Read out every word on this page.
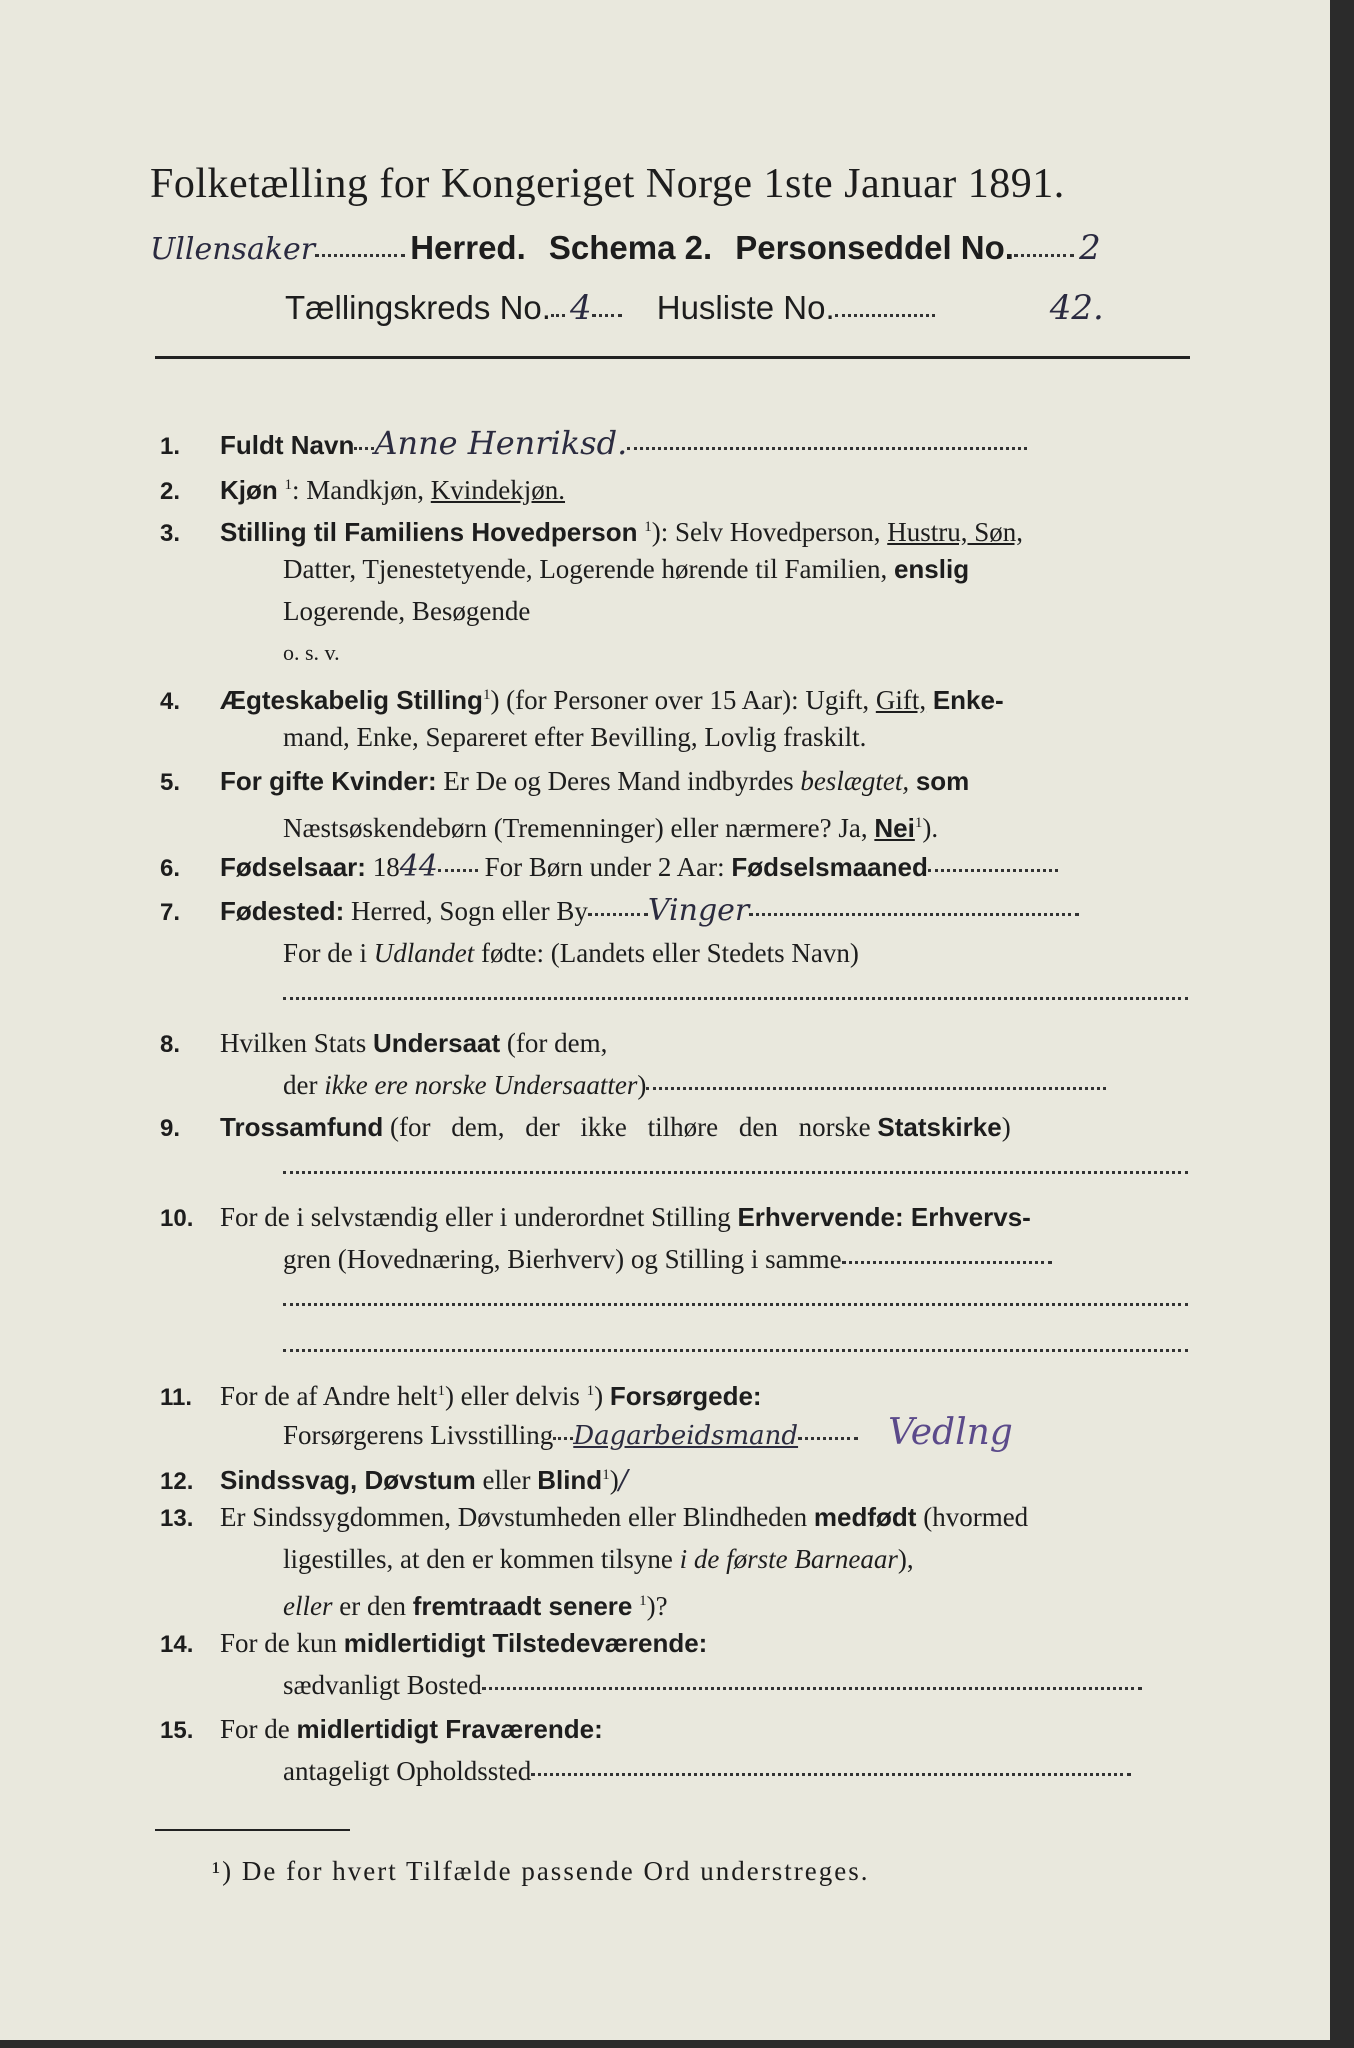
Folketælling for Kongeriget Norge 1ste Januar 1891.
Ullensaker	Herred. Schema 2. Personseddel No. 2
Tællingskreds No. 4 Husliste No.	42.
1. Fuldt Navn Anne Henriksd.
2. Kjøn $^1$: Mandkjøn, Kvindekjøn.
3. Stilling til Familiens Hovedperson $^1$): Selv Hovedperson, Hustru, Søn,
Datter, Tjenestetyende, Logerende hørende til Familien, enslig
Logerende, Besøgende
o. s. v.
4. Ægteskabelig Stilling$^1$) (for Personer over 15 Aar): Ugift, Gift, Enke-
mand, Enke, Separeret efter Bevilling, Lovlig fraskilt.
5. For gifte Kvinder: Er De og Deres Mand indbyrdes beslægtet, som
Næstsøskendebørn (Tremenninger) eller nærmere? Ja, Nei$^1$).
6. Fødselsaar: 1844 For Børn under 2 Aar: Fødselsmaaned
7. Fødested: Herred, Sogn eller By Vinger
For de i Udlandet fødte: (Landets eller Stedets Navn)
8. Hvilken Stats Undersaat (for dem,
der ikke ere norske Undersaatter)
9. Trossamfund (for dem, der ikke tilhøre den norske Statskirke)
10. For de i selvstændig eller i underordnet Stilling Erhvervende: Erhvervs-
gren (Hovednæring, Bierhverv) og Stilling i samme
11. For de af Andre helt$^1$) eller delvis $^1$) Forsørgede:
Forsørgerens Livsstilling Dagarbeidsmand	Vedlng
12. Sindssvag, Døvstum eller Blind$^1$)/
13. Er Sindssygdommen, Døvstumheden eller Blindheden medfødt (hvormed
ligestilles, at den er kommen tilsyne i de første Barneaar),
eller er den fremtraadt senere $^1$)?
14. For de kun midlertidigt Tilstedeværende:
sædvanligt Bosted
15. For de midlertidigt Fraværende:
antageligt Opholdssted
¹) De for hvert Tilfælde passende Ord understreges.
